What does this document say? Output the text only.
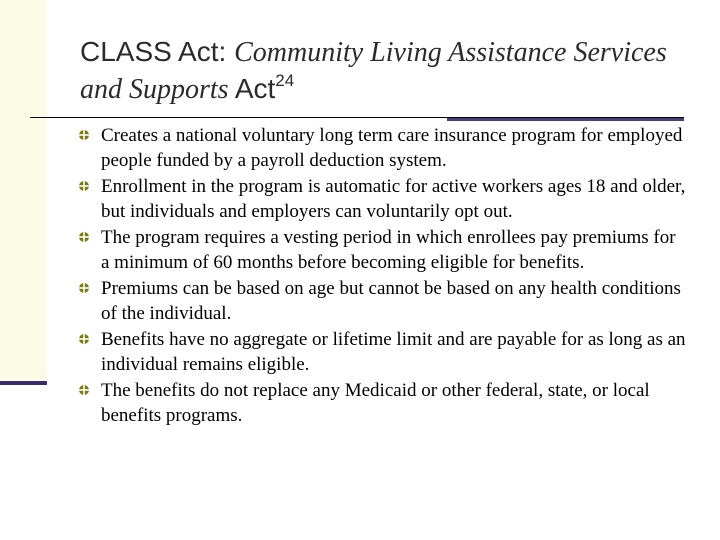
CLASS Act: Community Living Assistance Services and Supports Act$^{24}$
Creates a national voluntary long term care insurance program for employed people funded by a payroll deduction system.
Enrollment in the program is automatic for active workers ages 18 and older, but individuals and employers can voluntarily opt out.
The program requires a vesting period in which enrollees pay premiums for a minimum of 60 months before becoming eligible for benefits.
Premiums can be based on age but cannot be based on any health conditions of the individual.
Benefits have no aggregate or lifetime limit and are payable for as long as an individual remains eligible.
The benefits do not replace any Medicaid or other federal, state, or local benefits programs.
